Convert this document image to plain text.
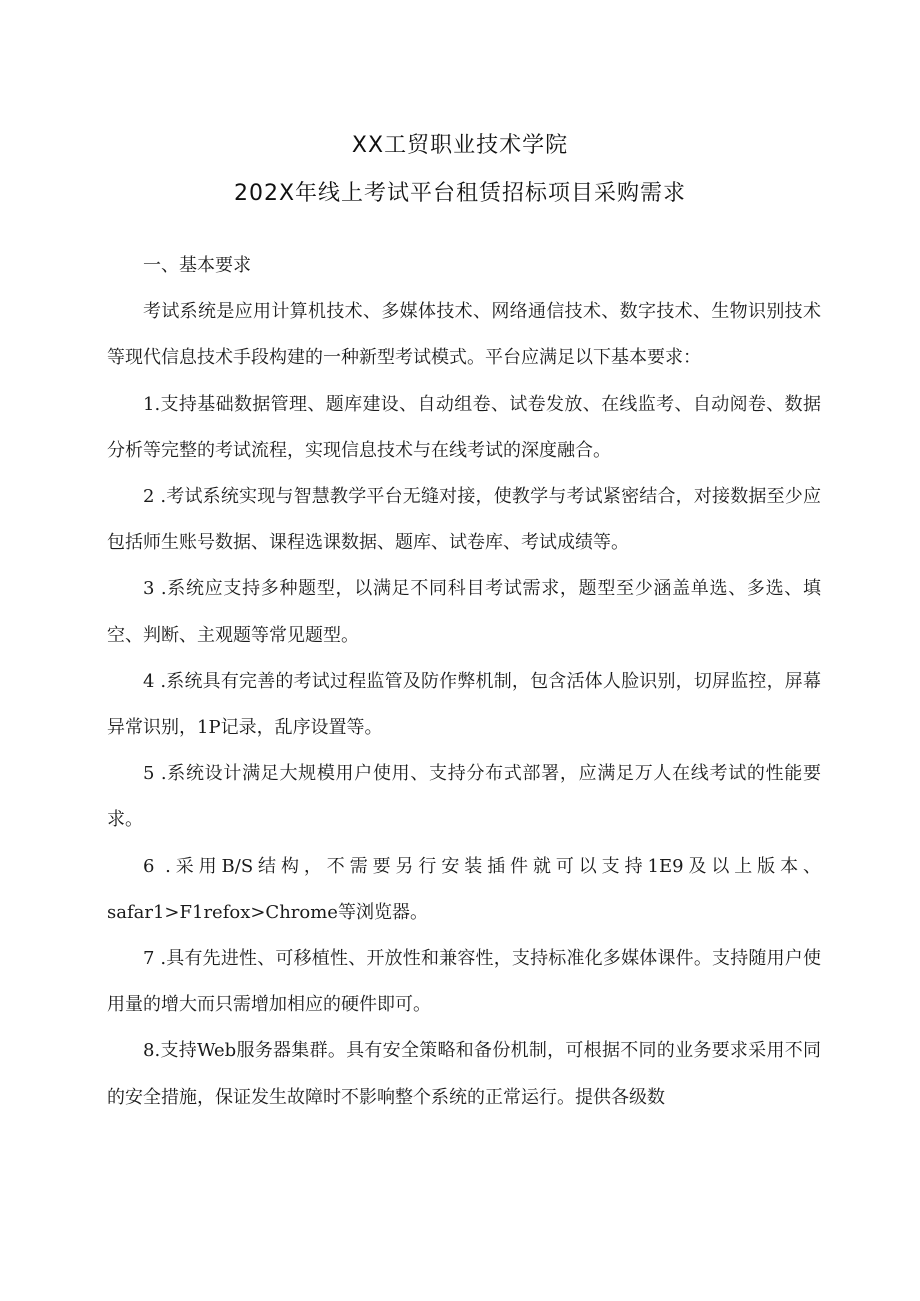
XX工贸职业技术学院
202X年线上考试平台租赁招标项目采购需求

一、基本要求

考试系统是应用计算机技术、多媒体技术、网络通信技术、数字技术、生物识别技术等现代信息技术手段构建的一种新型考试模式。平台应满足以下基本要求：

1.支持基础数据管理、题库建设、自动组卷、试卷发放、在线监考、自动阅卷、数据分析等完整的考试流程，实现信息技术与在线考试的深度融合。

2 .考试系统实现与智慧教学平台无缝对接，使教学与考试紧密结合，对接数据至少应包括师生账号数据、课程选课数据、题库、试卷库、考试成绩等。

3 .系统应支持多种题型，以满足不同科目考试需求，题型至少涵盖单选、多选、填空、判断、主观题等常见题型。

4 .系统具有完善的考试过程监管及防作弊机制，包含活体人脸识别，切屏监控，屏幕异常识别，1P记录，乱序设置等。

5 .系统设计满足大规模用户使用、支持分布式部署，应满足万人在线考试的性能要求。

6 .采用B/S结构，不需要另行安装插件就可以支持1E9及以上版本、safar1>F1refox>Chrome等浏览器。

7 .具有先进性、可移植性、开放性和兼容性，支持标准化多媒体课件。支持随用户使用量的增大而只需增加相应的硬件即可。

8.支持Web服务器集群。具有安全策略和备份机制，可根据不同的业务要求采用不同的安全措施，保证发生故障时不影响整个系统的正常运行。提供各级数
